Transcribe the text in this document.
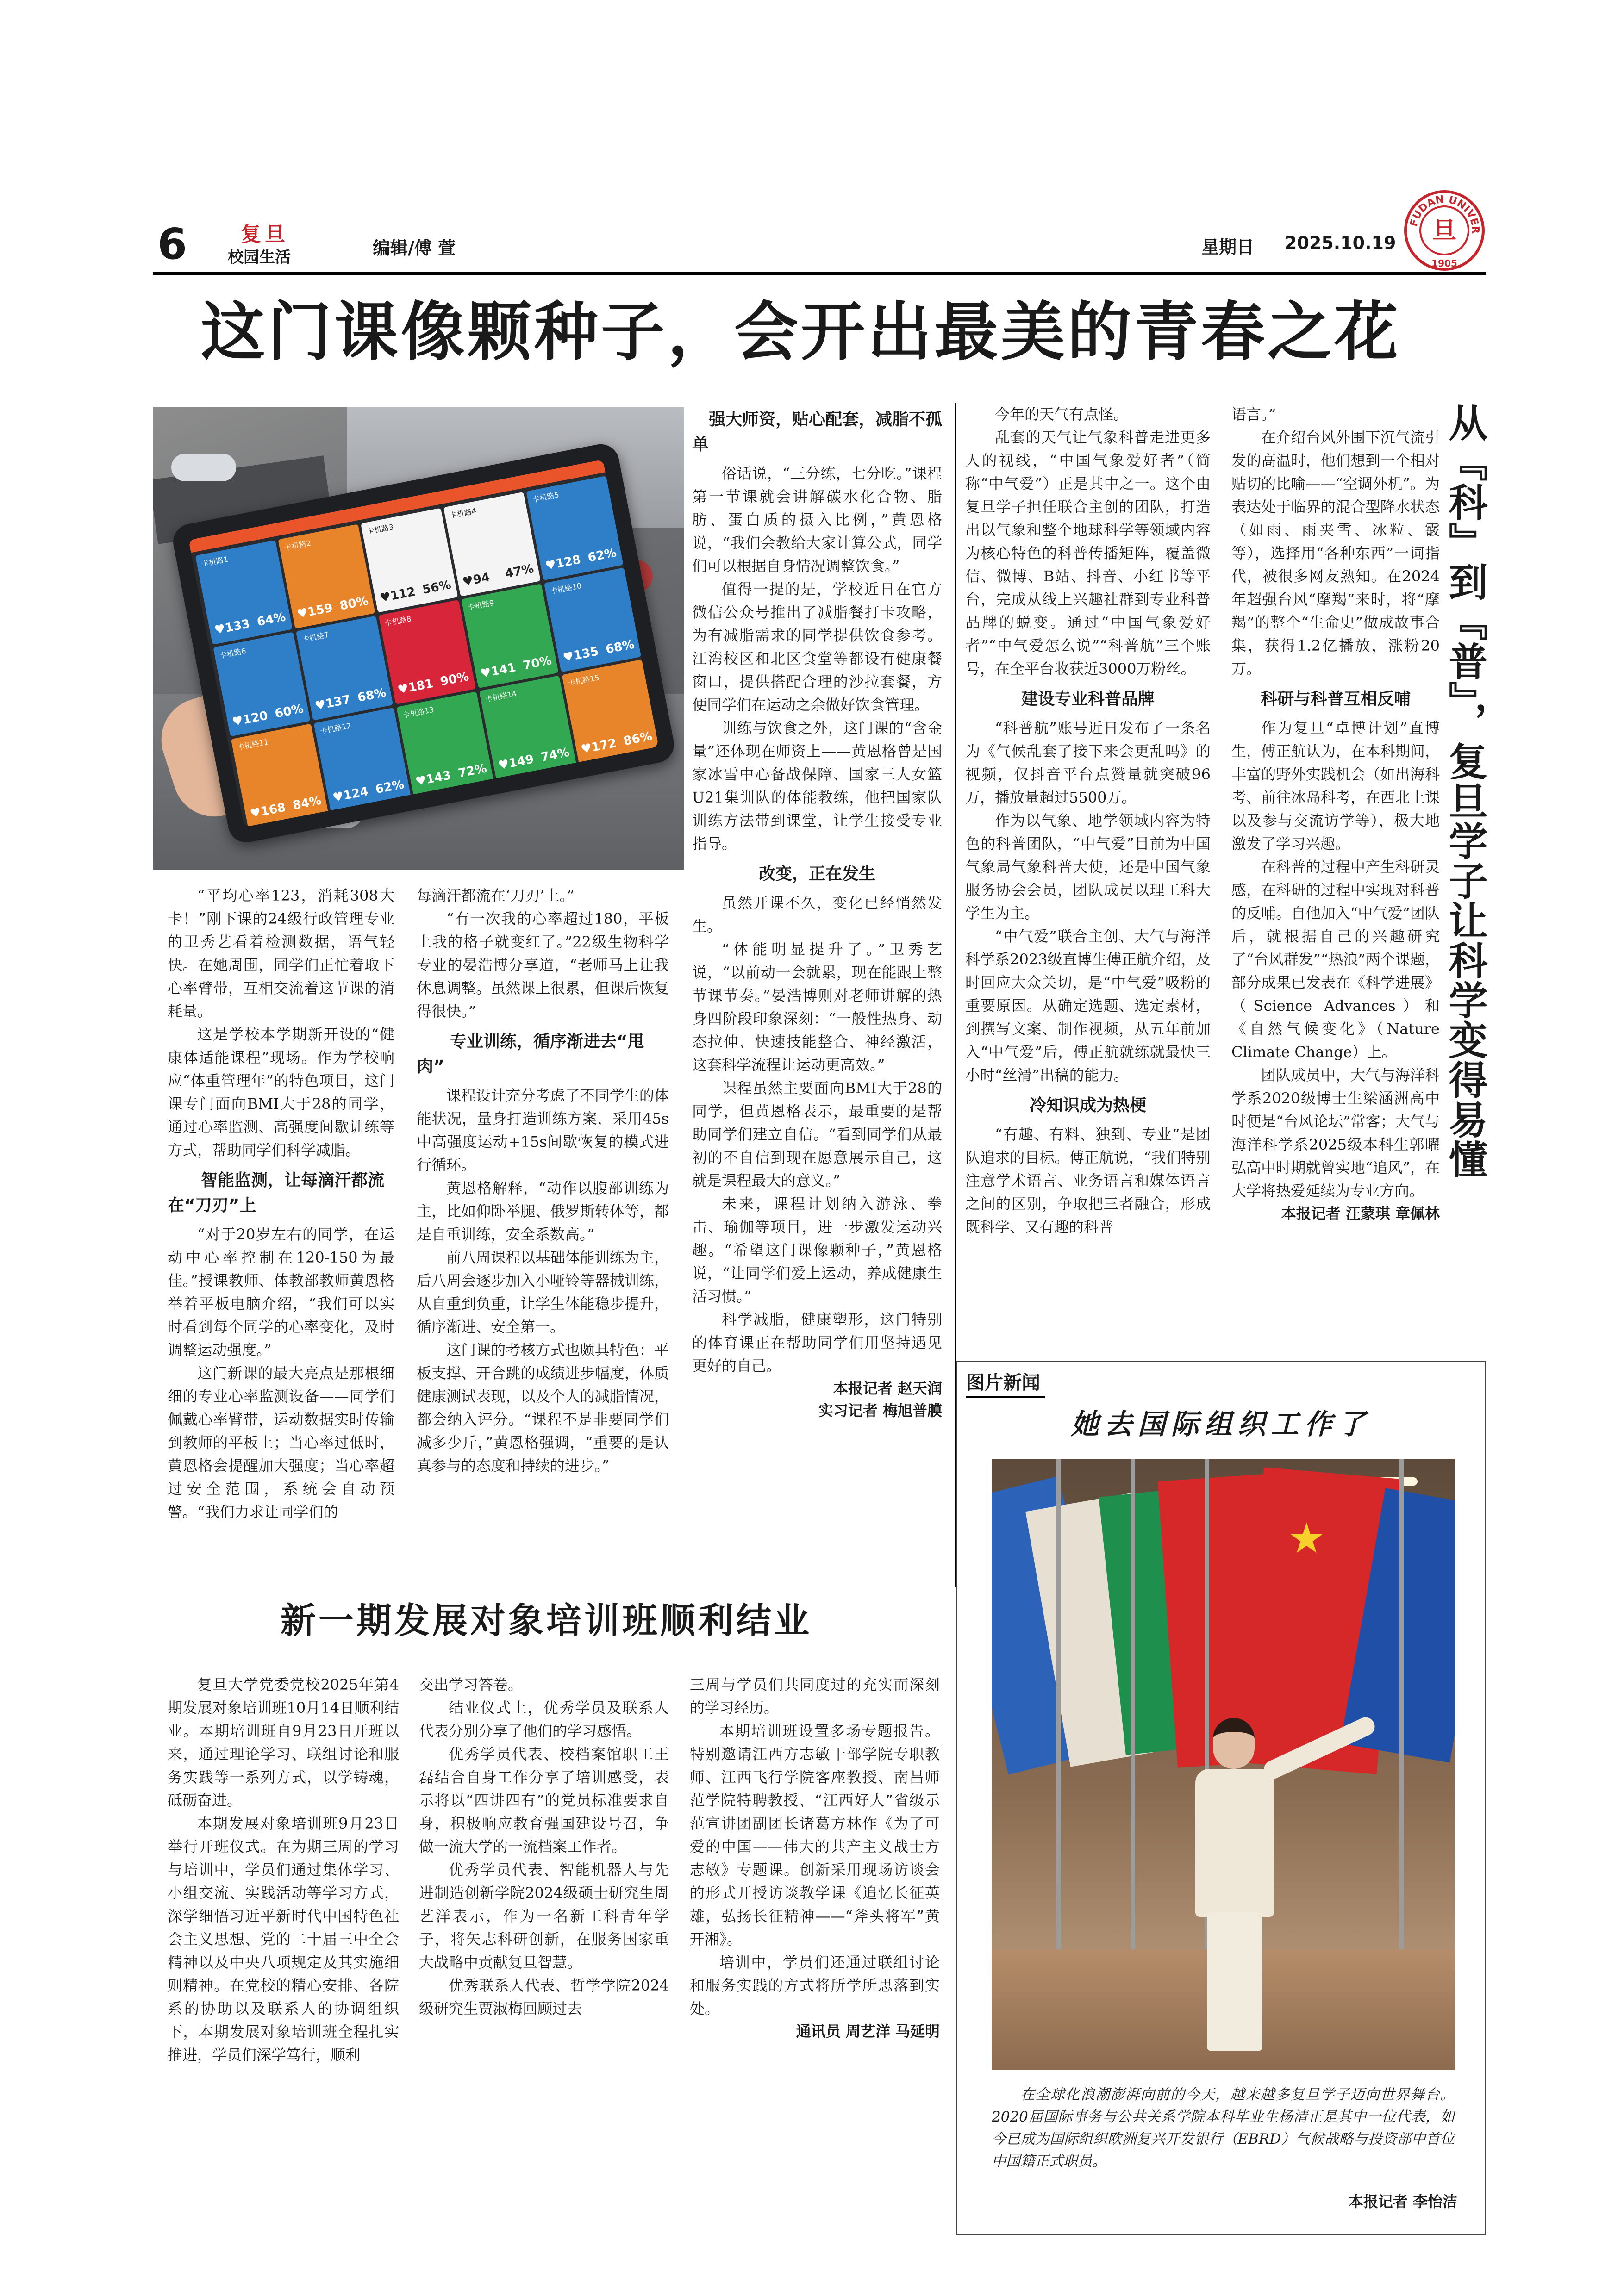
6	复旦
校园生活	编辑/傅 萱	星期日 2025.10.19
FUDAN UNIVER
旦
1905
这门课像颗种子，会开出最美的青春之花
卡机路1
♥133 64%
卡机路2
♥159 80%
卡机路3
♥112 56%
卡机路4
♥94 47%
卡机路5
♥128 62%
卡机路6
♥120 60%
卡机路7
♥137 68%
卡机路8
♥181 90%
卡机路9
♥141 70%
卡机路10
♥135 68%
卡机路11
♥168 84%
卡机路12
♥124 62%
卡机路13
♥143 72%
卡机路14
♥149 74%
卡机路15
♥172 86%

“平均心率123，消耗308大卡！”刚下课的24级行政管理专业的卫秀艺看着检测数据，语气轻快。在她周围，同学们正忙着取下心率臂带，互相交流着这节课的消耗量。

这是学校本学期新开设的“健康体适能课程”现场。作为学校响应“体重管理年”的特色项目，这门课专门面向BMI大于28的同学，通过心率监测、高强度间歇训练等方式，帮助同学们科学减脂。

智能监测，让每滴汗都流在“刀刃”上

“对于20岁左右的同学，在运动中心率控制在120-150为最佳。”授课教师、体教部教师黄恩格举着平板电脑介绍，“我们可以实时看到每个同学的心率变化，及时调整运动强度。”

这门新课的最大亮点是那根细细的专业心率监测设备——同学们佩戴心率臂带，运动数据实时传输到教师的平板上；当心率过低时，黄恩格会提醒加大强度；当心率超过安全范围，系统会自动预警。“我们力求让同学们的

每滴汗都流在‘刀刃’上。”

“有一次我的心率超过180，平板上我的格子就变红了。”22级生物科学专业的晏浩博分享道，“老师马上让我休息调整。虽然课上很累，但课后恢复得很快。”

专业训练，循序渐进去“甩肉”

课程设计充分考虑了不同学生的体能状况，量身打造训练方案，采用45s中高强度运动+15s间歇恢复的模式进行循环。

黄恩格解释，“动作以腹部训练为主，比如仰卧举腿、俄罗斯转体等，都是自重训练，安全系数高。”

前八周课程以基础体能训练为主，后八周会逐步加入小哑铃等器械训练，从自重到负重，让学生体能稳步提升，循序渐进、安全第一。

这门课的考核方式也颇具特色：平板支撑、开合跳的成绩进步幅度，体质健康测试表现，以及个人的减脂情况，都会纳入评分。“课程不是非要同学们减多少斤，”黄恩格强调，“重要的是认真参与的态度和持续的进步。”

强大师资，贴心配套，减脂不孤单

俗话说，“三分练，七分吃。”课程第一节课就会讲解碳水化合物、脂肪、蛋白质的摄入比例，”黄恩格说，“我们会教给大家计算公式，同学们可以根据自身情况调整饮食。”

值得一提的是，学校近日在官方微信公众号推出了减脂餐打卡攻略，为有减脂需求的同学提供饮食参考。江湾校区和北区食堂等都设有健康餐窗口，提供搭配合理的沙拉套餐，方便同学们在运动之余做好饮食管理。

训练与饮食之外，这门课的“含金量”还体现在师资上——黄恩格曾是国家冰雪中心备战保障、国家三人女篮U21集训队的体能教练，他把国家队训练方法带到课堂，让学生接受专业指导。

改变，正在发生

虽然开课不久，变化已经悄然发生。

“体能明显提升了。”卫秀艺说，“以前动一会就累，现在能跟上整节课节奏。”晏浩博则对老师讲解的热身四阶段印象深刻：“一般性热身、动态拉伸、快速技能整合、神经激活，这套科学流程让运动更高效。”

课程虽然主要面向BMI大于28的同学，但黄恩格表示，最重要的是帮助同学们建立自信。“看到同学们从最初的不自信到现在愿意展示自己，这就是课程最大的意义。”

未来，课程计划纳入游泳、拳击、瑜伽等项目，进一步激发运动兴趣。“希望这门课像颗种子，”黄恩格说，“让同学们爱上运动，养成健康生活习惯。”

科学减脂，健康塑形，这门特别的体育课正在帮助同学们用坚持遇见更好的自己。

本报记者 赵天润

实习记者 梅旭普膜

今年的天气有点怪。

乱套的天气让气象科普走进更多人的视线，“中国气象爱好者”（简称“中气爱”）正是其中之一。这个由复旦学子担任联合主创的团队，打造出以气象和整个地球科学等领域内容为核心特色的科普传播矩阵，覆盖微信、微博、B站、抖音、小红书等平台，完成从线上兴趣社群到专业科普品牌的蜕变。通过“中国气象爱好者”“中气爱怎么说”“科普航”三个账号，在全平台收获近3000万粉丝。

建设专业科普品牌

“科普航”账号近日发布了一条名为《气候乱套了接下来会更乱吗》的视频，仅抖音平台点赞量就突破96万，播放量超过5500万。

作为以气象、地学领域内容为特色的科普团队，“中气爱”目前为中国气象局气象科普大使，还是中国气象服务协会会员，团队成员以理工科大学生为主。

“中气爱”联合主创、大气与海洋科学系2023级直博生傅正航介绍，及时回应大众关切，是“中气爱”吸粉的重要原因。从确定选题、选定素材，到撰写文案、制作视频，从五年前加入“中气爱”后，傅正航就练就最快三小时“丝滑”出稿的能力。

冷知识成为热梗

“有趣、有料、独到、专业”是团队追求的目标。傅正航说，“我们特别注意学术语言、业务语言和媒体语言之间的区别，争取把三者融合，形成既科学、又有趣的科普

语言。”

在介绍台风外围下沉气流引发的高温时，他们想到一个相对贴切的比喻——“空调外机”。为表达处于临界的混合型降水状态（如雨、雨夹雪、冰粒、霰等），选择用“各种东西”一词指代，被很多网友熟知。在2024年超强台风“摩羯”来时，将“摩羯”的整个“生命史”做成故事合集，获得1.2亿播放，涨粉20万。

科研与科普互相反哺

作为复旦“卓博计划”直博生，傅正航认为，在本科期间，丰富的野外实践机会（如出海科考、前往冰岛科考，在西北上课以及参与交流访学等），极大地激发了学习兴趣。

在科普的过程中产生科研灵感，在科研的过程中实现对科普的反哺。自他加入“中气爱”团队后，就根据自己的兴趣研究了“台风群发”“热浪”两个课题，部分成果已发表在《科学进展》（Science Advances）和《自然气候变化》（Nature Climate Change）上。

团队成员中，大气与海洋科学系2020级博士生梁涵洲高中时便是“台风论坛”常客；大气与海洋科学系2025级本科生郭曜弘高中时期就曾实地“追风”，在大学将热爱延续为专业方向。

本报记者 汪蒙琪 章佩林

从『科』到『普』，复旦学子让科学变得易懂
图片新闻
她去国际组织工作了
★
在全球化浪潮澎湃向前的今天，越来越多复旦学子迈向世界舞台。2020届国际事务与公共关系学院本科毕业生杨清正是其中一位代表，如今已成为国际组织欧洲复兴开发银行（EBRD）气候战略与投资部中首位中国籍正式职员。
本报记者 李怡洁
新一期发展对象培训班顺利结业

复旦大学党委党校2025年第4期发展对象培训班10月14日顺利结业。本期培训班自9月23日开班以来，通过理论学习、联组讨论和服务实践等一系列方式，以学铸魂，砥砺奋进。

本期发展对象培训班9月23日举行开班仪式。在为期三周的学习与培训中，学员们通过集体学习、小组交流、实践活动等学习方式，深学细悟习近平新时代中国特色社会主义思想、党的二十届三中全会精神以及中央八项规定及其实施细则精神。在党校的精心安排、各院系的协助以及联系人的协调组织下，本期发展对象培训班全程扎实推进，学员们深学笃行，顺利

交出学习答卷。

结业仪式上，优秀学员及联系人代表分别分享了他们的学习感悟。

优秀学员代表、校档案馆职工王磊结合自身工作分享了培训感受，表示将以“四讲四有”的党员标准要求自身，积极响应教育强国建设号召，争做一流大学的一流档案工作者。

优秀学员代表、智能机器人与先进制造创新学院2024级硕士研究生周艺洋表示，作为一名新工科青年学子，将矢志科研创新，在服务国家重大战略中贡献复旦智慧。

优秀联系人代表、哲学学院2024级研究生贾淑梅回顾过去

三周与学员们共同度过的充实而深刻的学习经历。

本期培训班设置多场专题报告。特别邀请江西方志敏干部学院专职教师、江西飞行学院客座教授、南昌师范学院特聘教授、“江西好人”省级示范宣讲团副团长诸葛方林作《为了可爱的中国——伟大的共产主义战士方志敏》专题课。创新采用现场访谈会的形式开授访谈教学课《追忆长征英雄，弘扬长征精神——“斧头将军”黄开湘》。

培训中，学员们还通过联组讨论和服务实践的方式将所学所思落到实处。

通讯员 周艺洋 马延明
